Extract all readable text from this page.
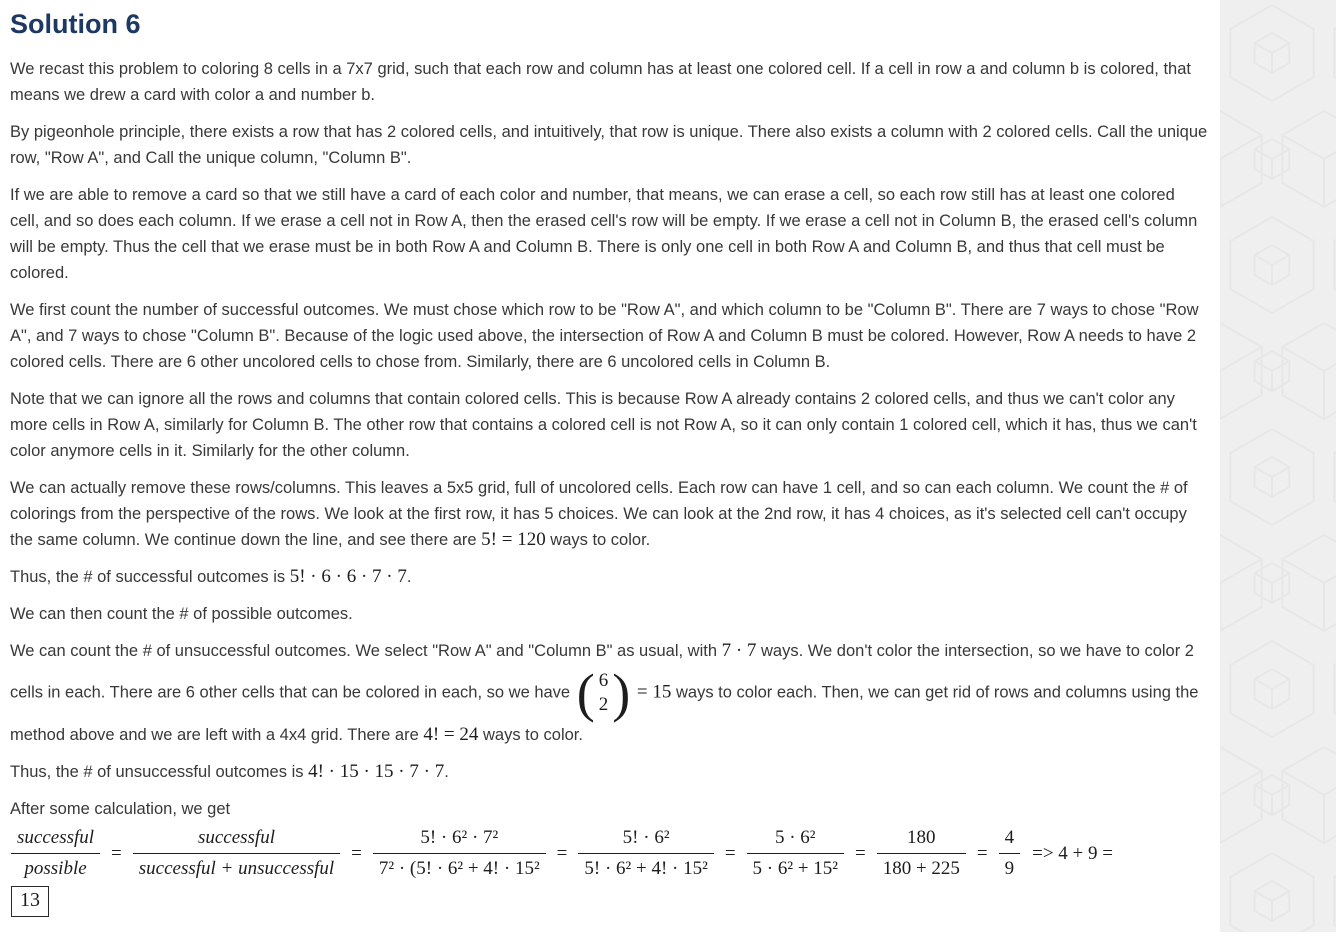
Solution 6

We recast this problem to coloring 8 cells in a 7x7 grid, such that each row and column has at least one colored cell. If a cell in row a and column b is colored, that means we drew a card with color a and number b.

By pigeonhole principle, there exists a row that has 2 colored cells, and intuitively, that row is unique. There also exists a column with 2 colored cells. Call the unique row, "Row A", and Call the unique column, "Column B".

If we are able to remove a card so that we still have a card of each color and number, that means, we can erase a cell, so each row still has at least one colored cell, and so does each column. If we erase a cell not in Row A, then the erased cell's row will be empty. If we erase a cell not in Column B, the erased cell's column will be empty. Thus the cell that we erase must be in both Row A and Column B. There is only one cell in both Row A and Column B, and thus that cell must be colored.

We first count the number of successful outcomes. We must chose which row to be "Row A", and which column to be "Column B". There are 7 ways to chose "Row A", and 7 ways to chose "Column B". Because of the logic used above, the intersection of Row A and Column B must be colored. However, Row A needs to have 2 colored cells. There are 6 other uncolored cells to chose from. Similarly, there are 6 uncolored cells in Column B.

Note that we can ignore all the rows and columns that contain colored cells. This is because Row A already contains 2 colored cells, and thus we can't color any more cells in Row A, similarly for Column B. The other row that contains a colored cell is not Row A, so it can only contain 1 colored cell, which it has, thus we can't color anymore cells in it. Similarly for the other column.

We can actually remove these rows/columns. This leaves a 5x5 grid, full of uncolored cells. Each row can have 1 cell, and so can each column. We count the # of colorings from the perspective of the rows. We look at the first row, it has 5 choices. We can look at the 2nd row, it has 4 choices, as it's selected cell can't occupy the same column. We continue down the line, and see there are 5! = 120 ways to color.

Thus, the # of successful outcomes is 5! · 6 · 6 · 7 · 7.

We can then count the # of possible outcomes.

We can count the # of unsuccessful outcomes. We select "Row A" and "Column B" as usual, with 7 · 7 ways. We don't color the intersection, so we have to color 2 cells in each. There are 6 other cells that can be colored in each, so we have ( 6
2 ) = 15 ways to color each. Then, we can get rid of rows and columns using the method above and we are left with a 4x4 grid. There are 4! = 24 ways to color.

Thus, the # of unsuccessful outcomes is 4! · 15 · 15 · 7 · 7.

After some calculation, we get

$\frac{\text{successful}}{\text{possible}} = \frac{\text{successful}}{\text{successful + unsuccessful}} = \frac{\text{5! · 6² · 7²}}{\text{7² · (5! · 6² + 4! · 15²}} = \frac{\text{5! · 6²}}{\text{5! · 6² + 4! · 15²}} = \frac{\text{5 · 6²}}{\text{5 · 6² + 15²}} = \frac{180}{180 + 225} = \frac{4}{9} => 4 + 9$ =
13
